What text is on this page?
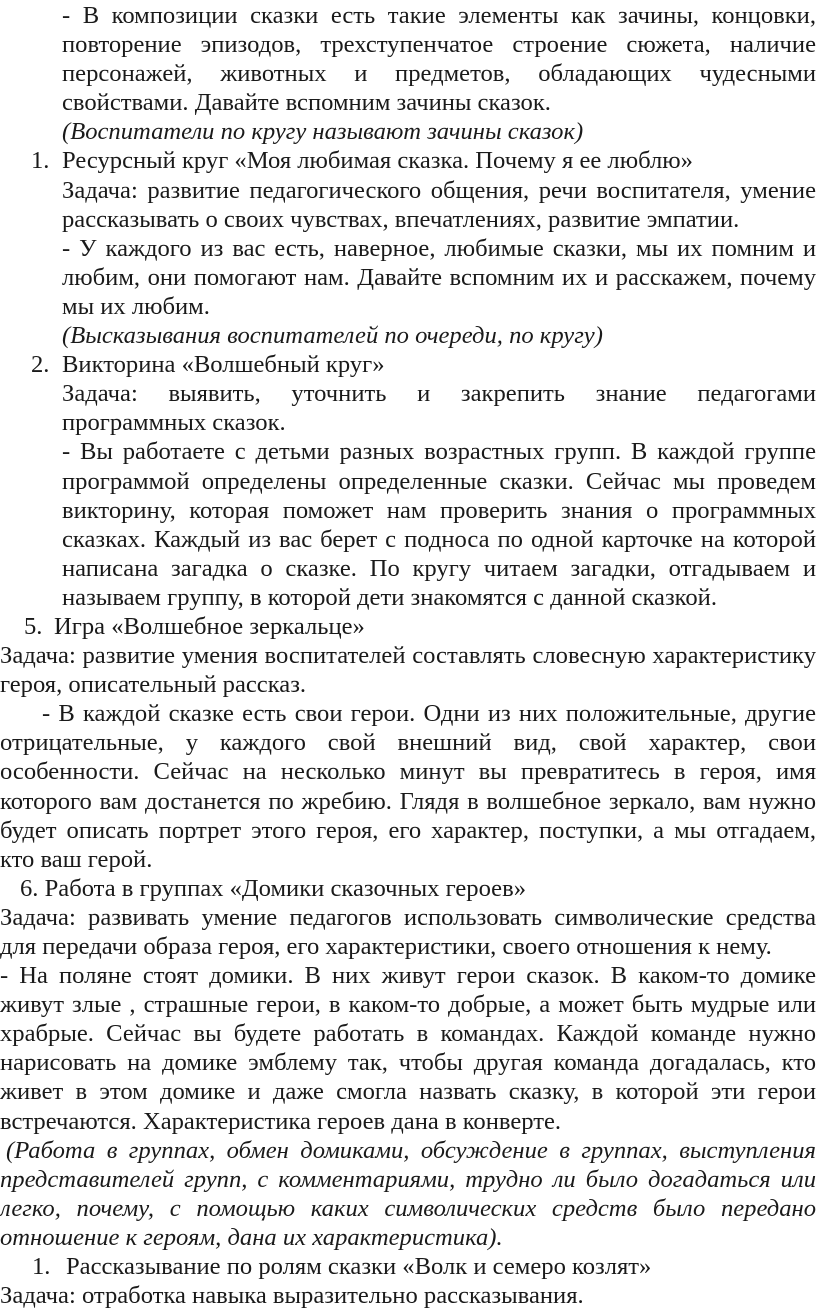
- В композиции сказки есть такие элементы как зачины, концовки, повторение эпизодов, трехступенчатое строение сюжета, наличие персонажей, животных и предметов, обладающих чудесными свойствами. Давайте вспомним зачины сказок.

(Воспитатели по кругу называют зачины сказок)

1. Ресурсный круг «Моя любимая сказка. Почему я ее люблю»

Задача: развитие педагогического общения, речи воспитателя, умение рассказывать о своих чувствах, впечатлениях, развитие эмпатии.

- У каждого из вас есть, наверное, любимые сказки, мы их помним и любим, они помогают нам. Давайте вспомним их и расскажем, почему мы их любим.

(Высказывания воспитателей по очереди, по кругу)

2. Викторина «Волшебный круг»

Задача: выявить, уточнить и закрепить знание педагогами программных сказок.

- Вы работаете с детьми разных возрастных групп. В каждой группе программой определены определенные сказки. Сейчас мы проведем викторину, которая поможет нам проверить знания о программных сказках. Каждый из вас берет с подноса по одной карточке на которой написана загадка о сказке. По кругу читаем загадки, отгадываем и называем группу, в которой дети знакомятся с данной сказкой.

5. Игра «Волшебное зеркальце»

Задача: развитие умения воспитателей составлять словесную характеристику героя, описательный рассказ.

- В каждой сказке есть свои герои. Одни из них положительные, другие отрицательные, у каждого свой внешний вид, свой характер, свои особенности. Сейчас на несколько минут вы превратитесь в героя, имя которого вам достанется по жребию. Глядя в волшебное зеркало, вам нужно будет описать портрет этого героя, его характер, поступки, а мы отгадаем, кто ваш герой.

6. Работа в группах «Домики сказочных героев»

Задача: развивать умение педагогов использовать символические средства для передачи образа героя, его характеристики, своего отношения к нему.

- На поляне стоят домики. В них живут герои сказок. В каком-то домике живут злые , страшные герои, в каком-то добрые, а может быть мудрые или храбрые. Сейчас вы будете работать в командах. Каждой команде нужно нарисовать на домике эмблему так, чтобы другая команда догадалась, кто живет в этом домике и даже смогла назвать сказку, в которой эти герои встречаются. Характеристика героев дана в конверте.

(Работа в группах, обмен домиками, обсуждение в группах, выступления представителей групп, с комментариями, трудно ли было догадаться или легко, почему, с помощью каких символических средств было передано отношение к героям, дана их характеристика).

1. Рассказывание по ролям сказки «Волк и семеро козлят»

Задача: отработка навыка выразительно рассказывания.
